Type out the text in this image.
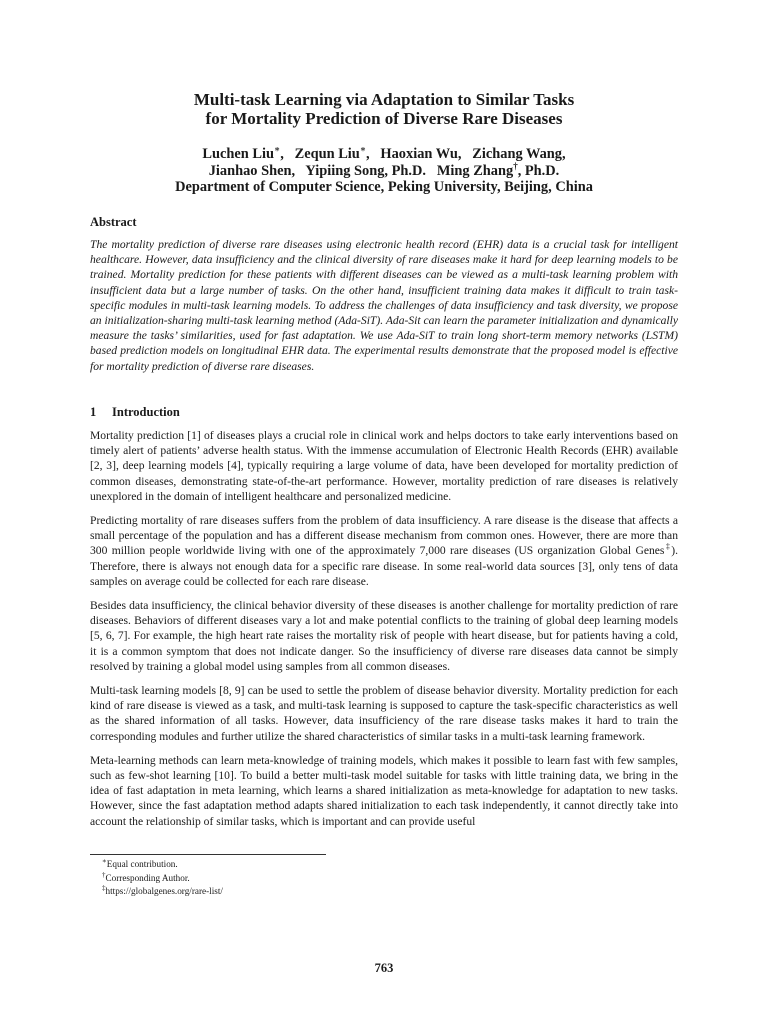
Multi-task Learning via Adaptation to Similar Tasks
for Mortality Prediction of Diverse Rare Diseases
Luchen Liu∗,   Zequn Liu∗,   Haoxian Wu,   Zichang Wang,
Jianhao Shen, Yipiing Song, Ph.D. Ming Zhang†, Ph.D.
Department of Computer Science, Peking University, Beijing, China
Abstract
The mortality prediction of diverse rare diseases using electronic health record (EHR) data is a crucial task for intelligent healthcare. However, data insufficiency and the clinical diversity of rare diseases make it hard for deep learning models to be trained. Mortality prediction for these patients with different diseases can be viewed as a multi-task learning problem with insufficient data but a large number of tasks. On the other hand, insufficient training data makes it difficult to train task-specific modules in multi-task learning models. To address the challenges of data insufficiency and task diversity, we propose an initialization-sharing multi-task learning method (Ada-SiT). Ada-Sit can learn the parameter initialization and dynamically measure the tasks’ similarities, used for fast adaptation. We use Ada-SiT to train long short-term memory networks (LSTM) based prediction models on longitudinal EHR data. The experimental results demonstrate that the proposed model is effective for mortality prediction of diverse rare diseases.
1 Introduction

Mortality prediction [1] of diseases plays a crucial role in clinical work and helps doctors to take early interventions based on timely alert of patients’ adverse health status. With the immense accumulation of Electronic Health Records (EHR) available [2, 3], deep learning models [4], typically requiring a large volume of data, have been developed for mortality prediction of common diseases, demonstrating state-of-the-art performance. However, mortality prediction of rare diseases is relatively unexplored in the domain of intelligent healthcare and personalized medicine.

Predicting mortality of rare diseases suffers from the problem of data insufficiency. A rare disease is the disease that affects a small percentage of the population and has a different disease mechanism from common ones. However, there are more than 300 million people worldwide living with one of the approximately 7,000 rare diseases (US organization Global Genes‡). Therefore, there is always not enough data for a specific rare disease. In some real-world data sources [3], only tens of data samples on average could be collected for each rare disease.

Besides data insufficiency, the clinical behavior diversity of these diseases is another challenge for mortality prediction of rare diseases. Behaviors of different diseases vary a lot and make potential conflicts to the training of global deep learning models [5, 6, 7]. For example, the high heart rate raises the mortality risk of people with heart disease, but for patients having a cold, it is a common symptom that does not indicate danger. So the insufficiency of diverse rare diseases data cannot be simply resolved by training a global model using samples from all common diseases.

Multi-task learning models [8, 9] can be used to settle the problem of disease behavior diversity. Mortality prediction for each kind of rare disease is viewed as a task, and multi-task learning is supposed to capture the task-specific characteristics as well as the shared information of all tasks. However, data insufficiency of the rare disease tasks makes it hard to train the corresponding modules and further utilize the shared characteristics of similar tasks in a multi-task learning framework.

Meta-learning methods can learn meta-knowledge of training models, which makes it possible to learn fast with few samples, such as few-shot learning [10]. To build a better multi-task model suitable for tasks with little training data, we bring in the idea of fast adaptation in meta learning, which learns a shared initialization as meta-knowledge for adaptation to new tasks. However, since the fast adaptation method adapts shared initialization to each task independently, it cannot directly take into account the relationship of similar tasks, which is important and can provide useful

∗Equal contribution.
†Corresponding Author.
‡https://globalgenes.org/rare-list/
763
